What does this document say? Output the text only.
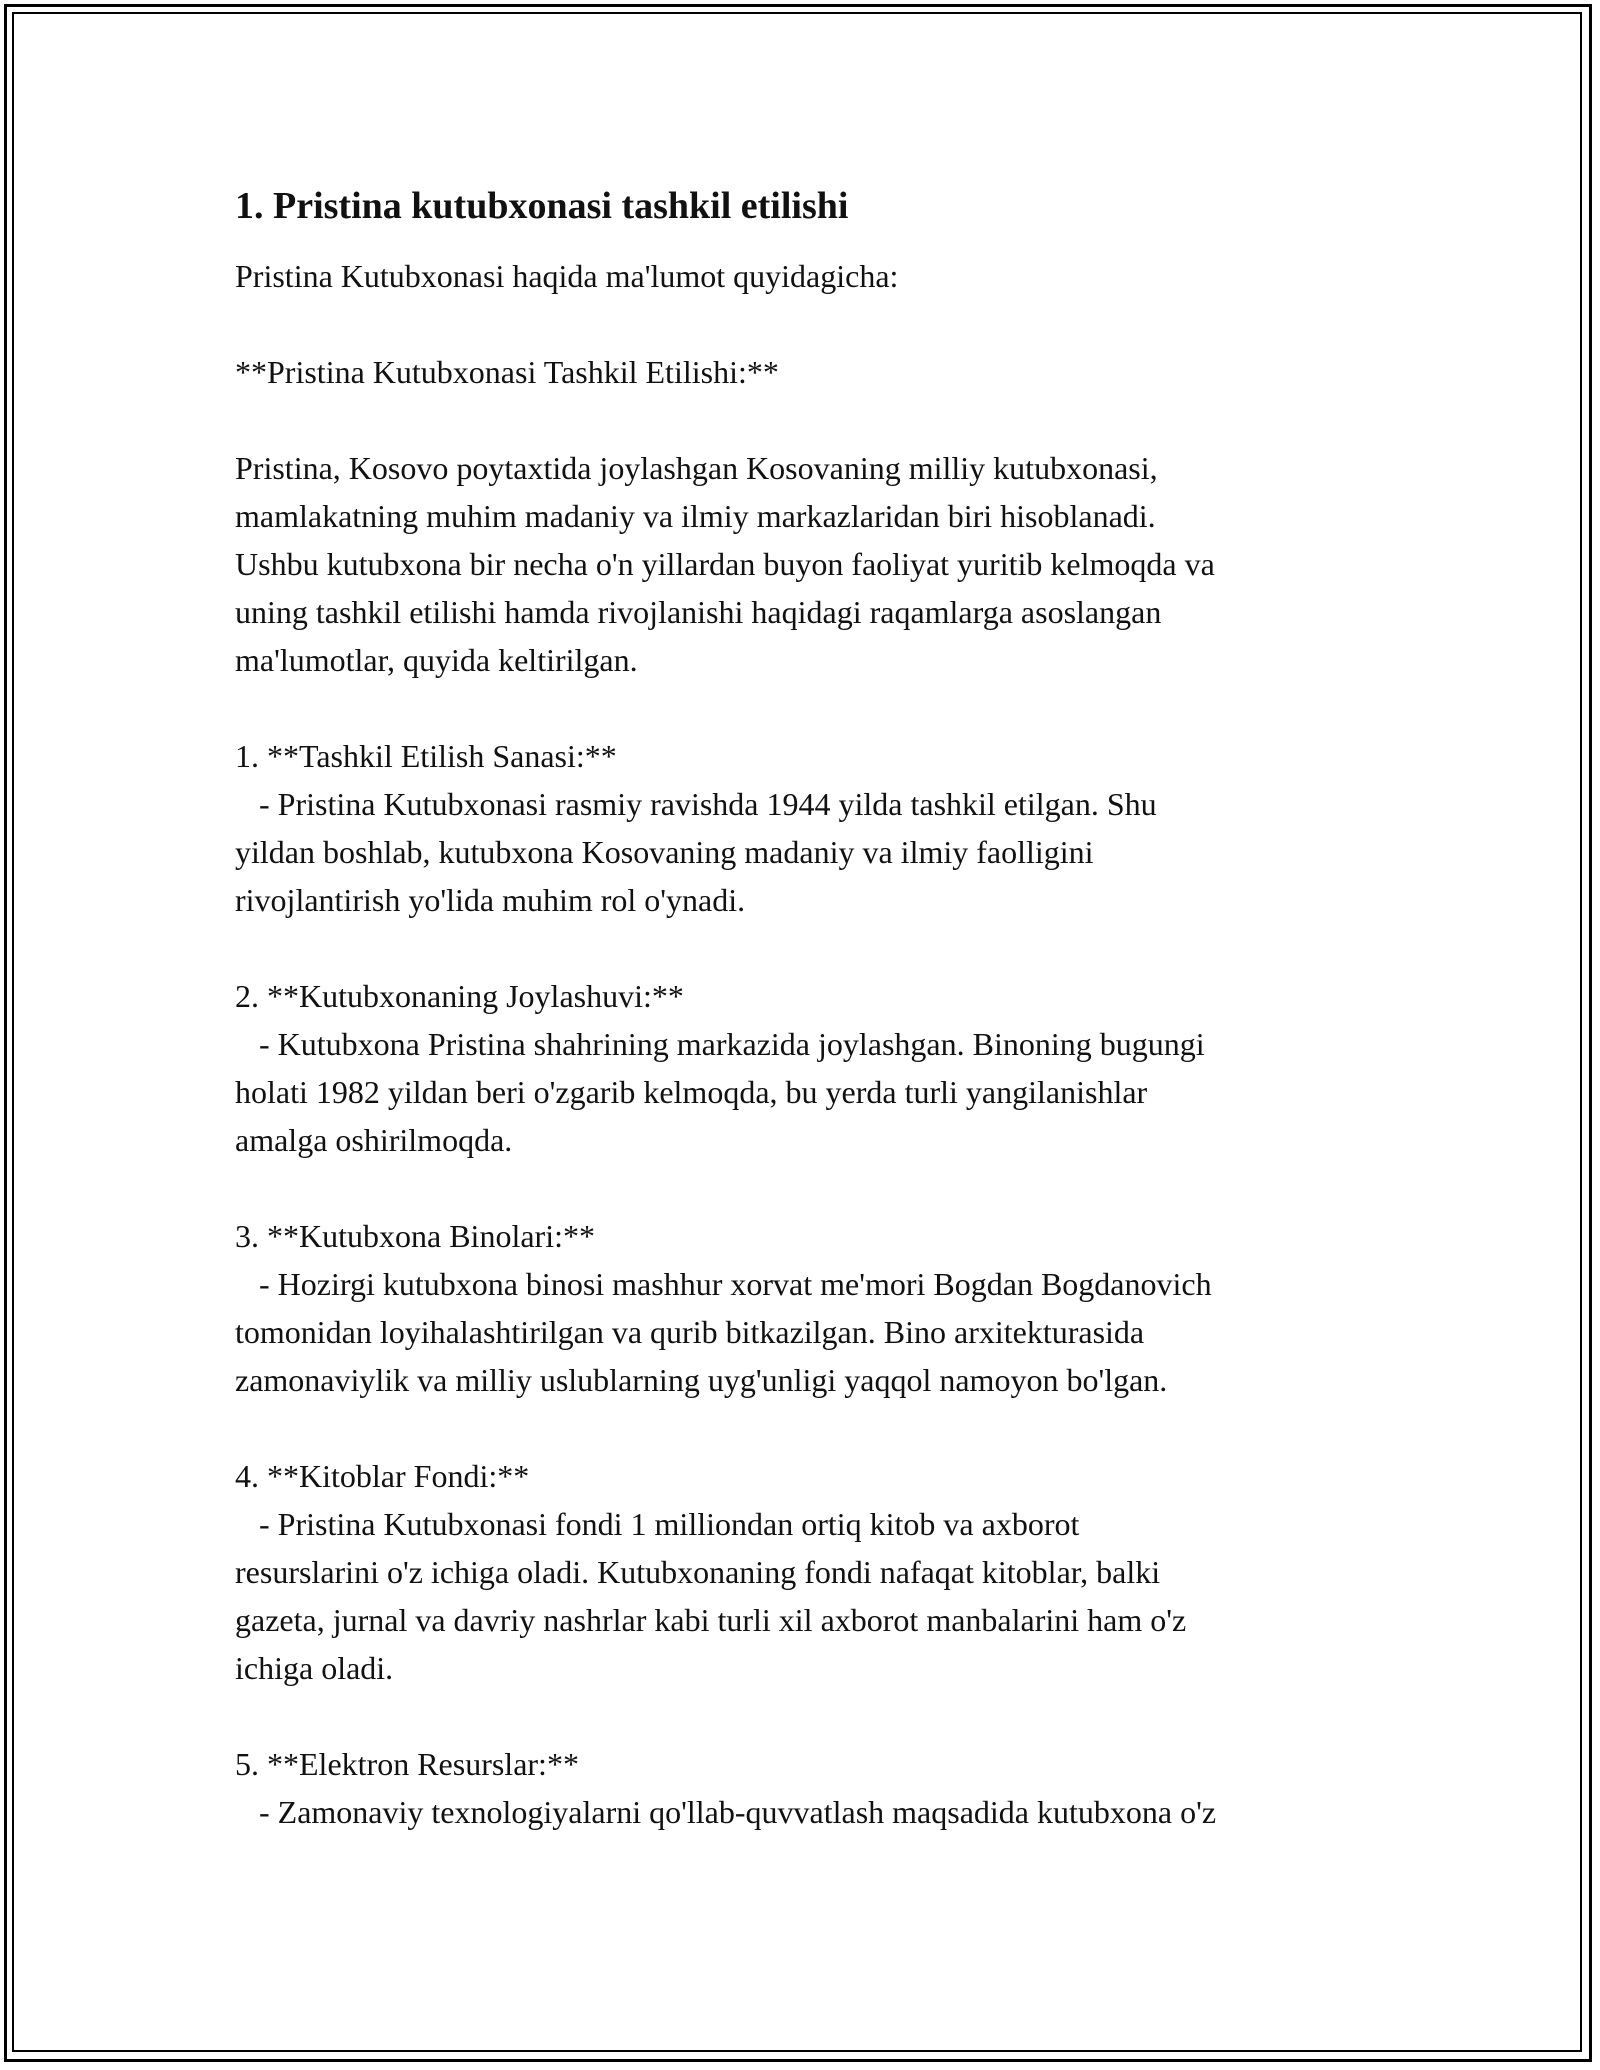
1. Pristina kutubxonasi tashkil etilishi

Pristina Kutubxonasi haqida ma'lumot quyidagicha:

**Pristina Kutubxonasi Tashkil Etilishi:**

Pristina, Kosovo poytaxtida joylashgan Kosovaning milliy kutubxonasi,
mamlakatning muhim madaniy va ilmiy markazlaridan biri hisoblanadi.
Ushbu kutubxona bir necha o'n yillardan buyon faoliyat yuritib kelmoqda va
uning tashkil etilishi hamda rivojlanishi haqidagi raqamlarga asoslangan
ma'lumotlar, quyida keltirilgan.

1. **Tashkil Etilish Sanasi:**
- Pristina Kutubxonasi rasmiy ravishda 1944 yilda tashkil etilgan. Shu
yildan boshlab, kutubxona Kosovaning madaniy va ilmiy faolligini
rivojlantirish yo'lida muhim rol o'ynadi.

2. **Kutubxonaning Joylashuvi:**
- Kutubxona Pristina shahrining markazida joylashgan. Binoning bugungi
holati 1982 yildan beri o'zgarib kelmoqda, bu yerda turli yangilanishlar
amalga oshirilmoqda.

3. **Kutubxona Binolari:**
- Hozirgi kutubxona binosi mashhur xorvat me'mori Bogdan Bogdanovich
tomonidan loyihalashtirilgan va qurib bitkazilgan. Bino arxitekturasida
zamonaviylik va milliy uslublarning uyg'unligi yaqqol namoyon bo'lgan.

4. **Kitoblar Fondi:**
- Pristina Kutubxonasi fondi 1 milliondan ortiq kitob va axborot
resurslarini o'z ichiga oladi. Kutubxonaning fondi nafaqat kitoblar, balki
gazeta, jurnal va davriy nashrlar kabi turli xil axborot manbalarini ham o'z
ichiga oladi.

5. **Elektron Resurslar:**
- Zamonaviy texnologiyalarni qo'llab-quvvatlash maqsadida kutubxona o'z
